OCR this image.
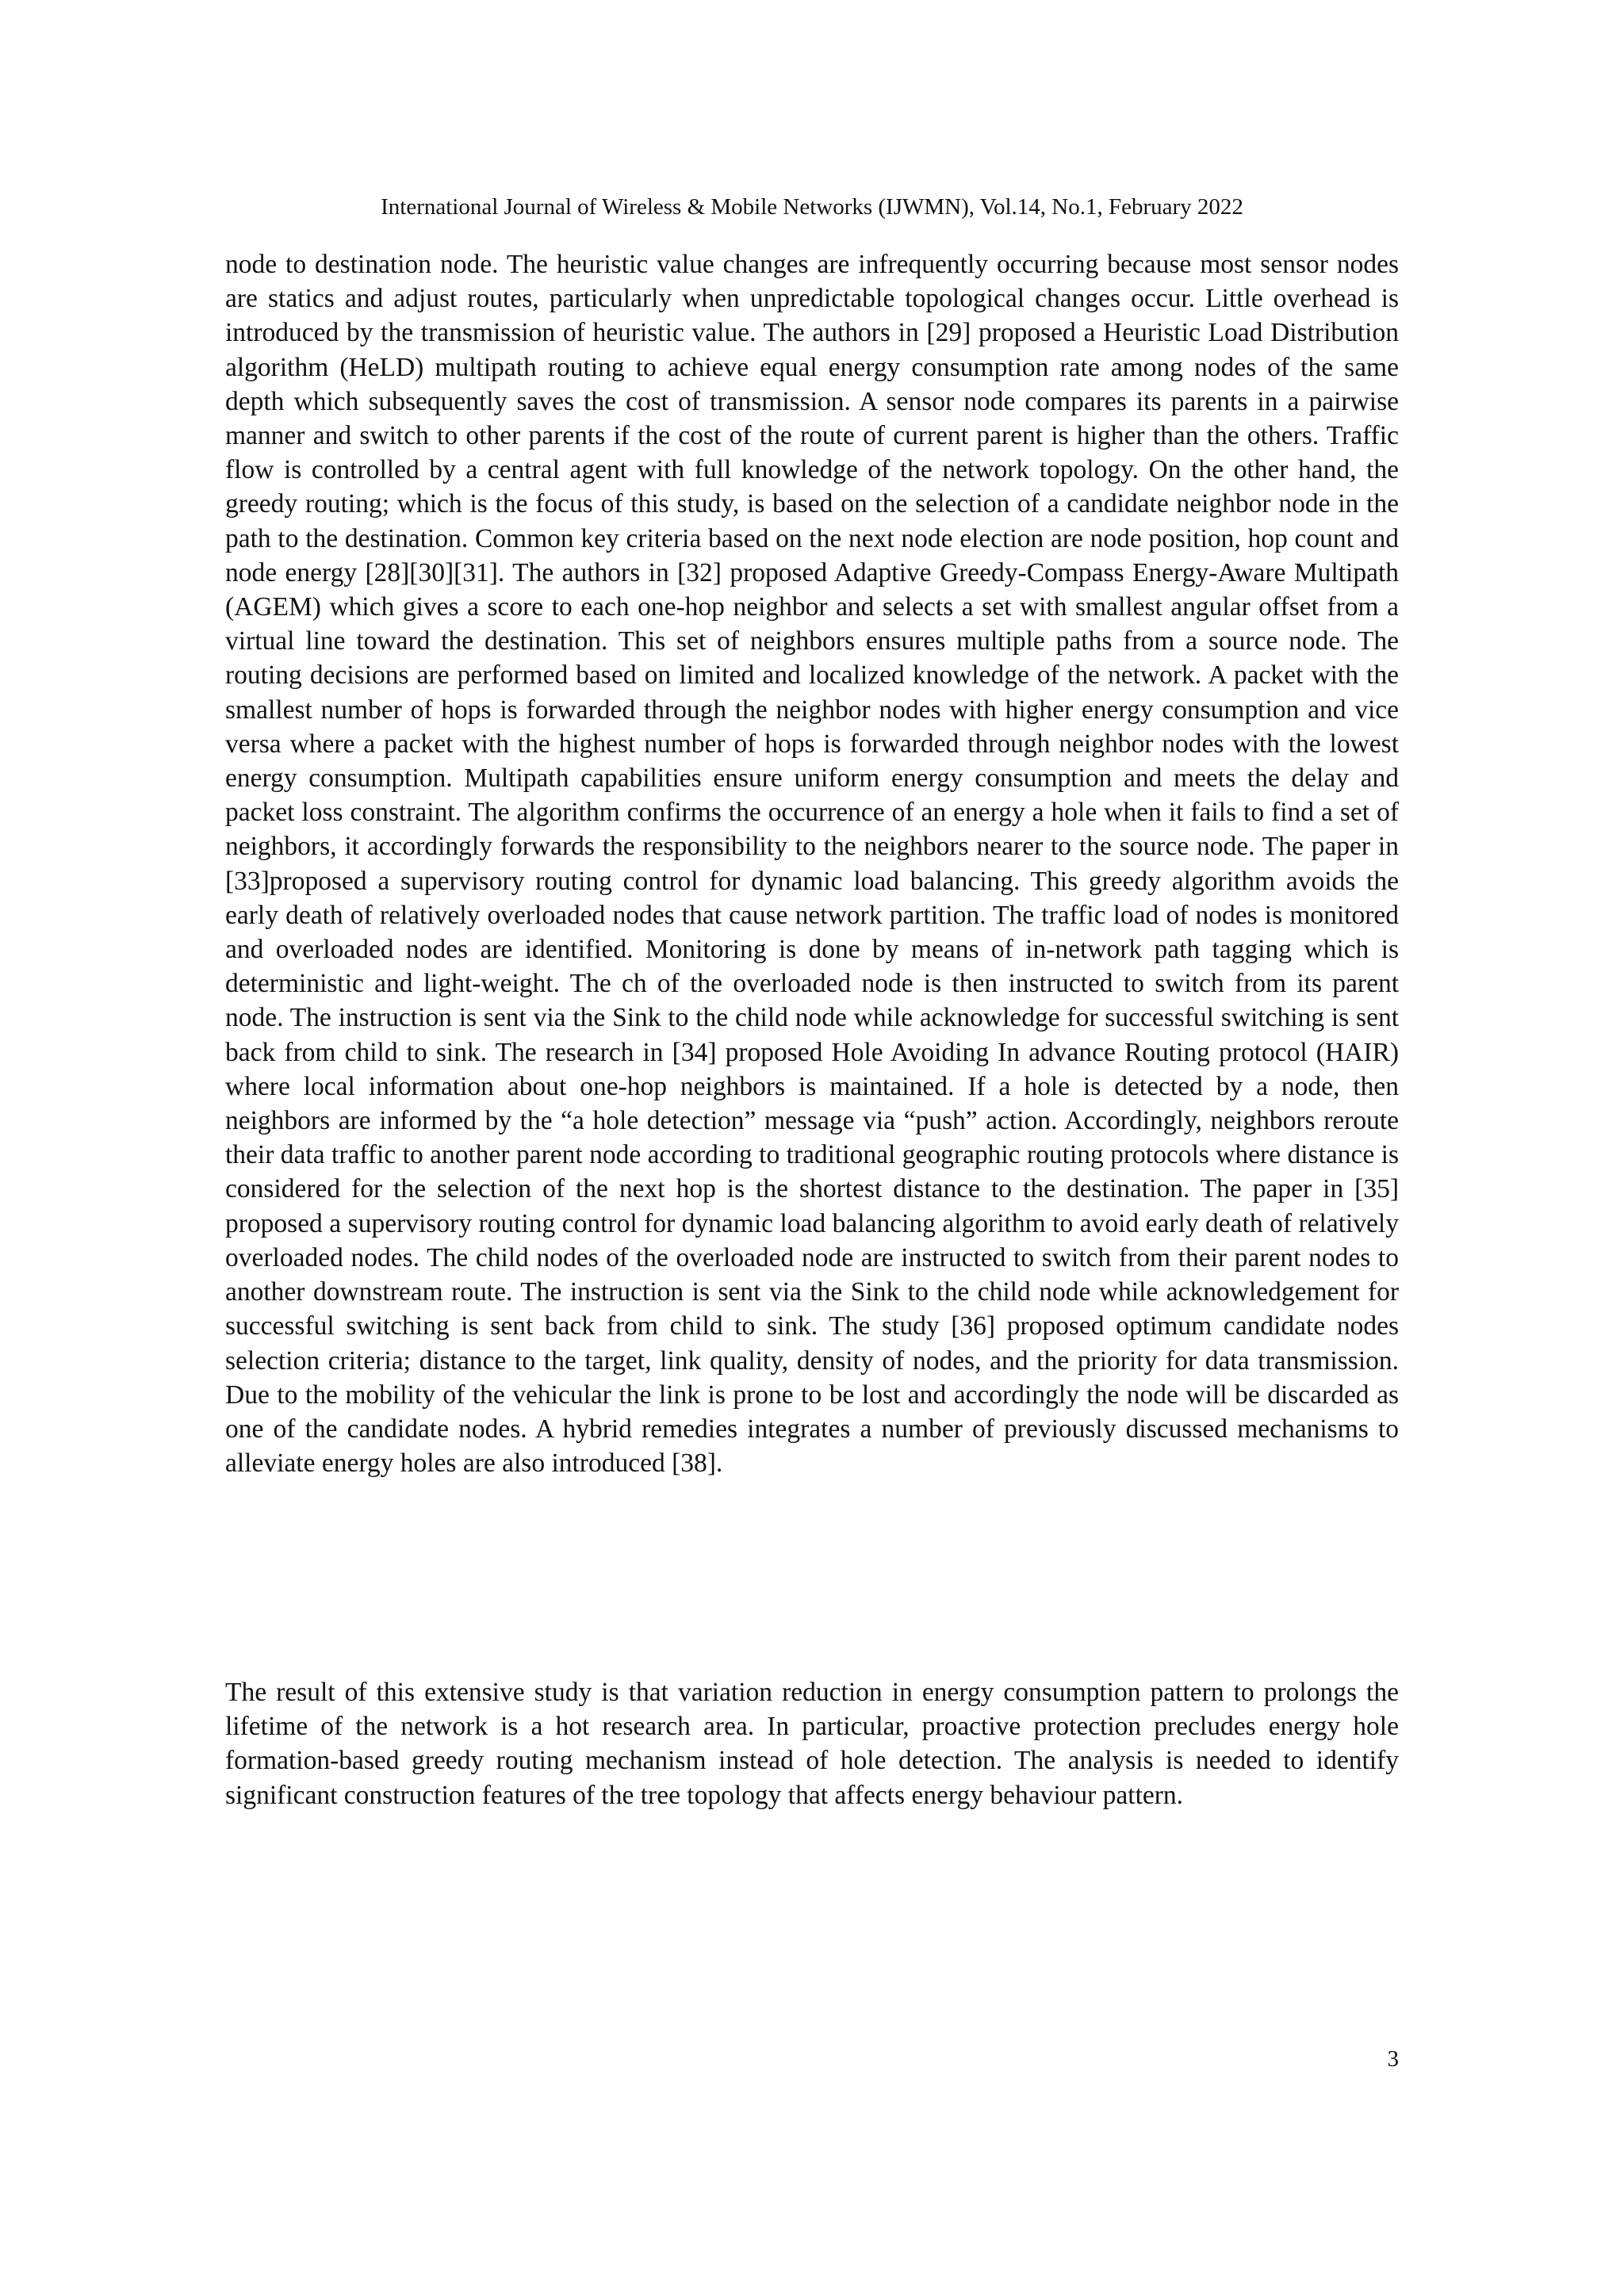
International Journal of Wireless & Mobile Networks (IJWMN), Vol.14, No.1, February 2022

node to destination node. The heuristic value changes are infrequently occurring because most sensor nodes are statics and adjust routes, particularly when unpredictable topological changes occur. Little overhead is introduced by the transmission of heuristic value. The authors in [29] proposed a Heuristic Load Distribution algorithm (HeLD) multipath routing to achieve equal energy consumption rate among nodes of the same depth which subsequently saves the cost of transmission. A sensor node compares its parents in a pairwise manner and switch to other parents if the cost of the route of current parent is higher than the others. Traffic flow is controlled by a central agent with full knowledge of the network topology. On the other hand, the greedy routing; which is the focus of this study, is based on the selection of a candidate neighbor node in the path to the destination. Common key criteria based on the next node election are node position, hop count and node energy [28][30][31]. The authors in [32] proposed Adaptive Greedy-Compass Energy-Aware Multipath (AGEM) which gives a score to each one-hop neighbor and selects a set with smallest angular offset from a virtual line toward the destination. This set of neighbors ensures multiple paths from a source node. The routing decisions are performed based on limited and localized knowledge of the network. A packet with the smallest number of hops is forwarded through the neighbor nodes with higher energy consumption and vice versa where a packet with the highest number of hops is forwarded through neighbor nodes with the lowest energy consumption. Multipath capabilities ensure uniform energy consumption and meets the delay and packet loss constraint. The algorithm confirms the occurrence of an energy a hole when it fails to find a set of neighbors, it accordingly forwards the responsibility to the neighbors nearer to the source node. The paper in [33]proposed a supervisory routing control for dynamic load balancing. This greedy algorithm avoids the early death of relatively overloaded nodes that cause network partition. The traffic load of nodes is monitored and overloaded nodes are identified. Monitoring is done by means of in-network path tagging which is deterministic and light-weight. The ch of the overloaded node is then instructed to switch from its parent node. The instruction is sent via the Sink to the child node while acknowledge for successful switching is sent back from child to sink. The research in [34] proposed Hole Avoiding In advance Routing protocol (HAIR) where local information about one-hop neighbors is maintained. If a hole is detected by a node, then neighbors are informed by the “a hole detection” message via “push” action. Accordingly, neighbors reroute their data traffic to another parent node according to traditional geographic routing protocols where distance is considered for the selection of the next hop is the shortest distance to the destination. The paper in [35] proposed a supervisory routing control for dynamic load balancing algorithm to avoid early death of relatively overloaded nodes. The child nodes of the overloaded node are instructed to switch from their parent nodes to another downstream route. The instruction is sent via the Sink to the child node while acknowledgement for successful switching is sent back from child to sink. The study [36] proposed optimum candidate nodes selection criteria; distance to the target, link quality, density of nodes, and the priority for data transmission. Due to the mobility of the vehicular the link is prone to be lost and accordingly the node will be discarded as one of the candidate nodes. A hybrid remedies integrates a number of previously discussed mechanisms to alleviate energy holes are also introduced [38].

The result of this extensive study is that variation reduction in energy consumption pattern to prolongs the lifetime of the network is a hot research area. In particular, proactive protection precludes energy hole formation-based greedy routing mechanism instead of hole detection. The analysis is needed to identify significant construction features of the tree topology that affects energy behaviour pattern.

3
